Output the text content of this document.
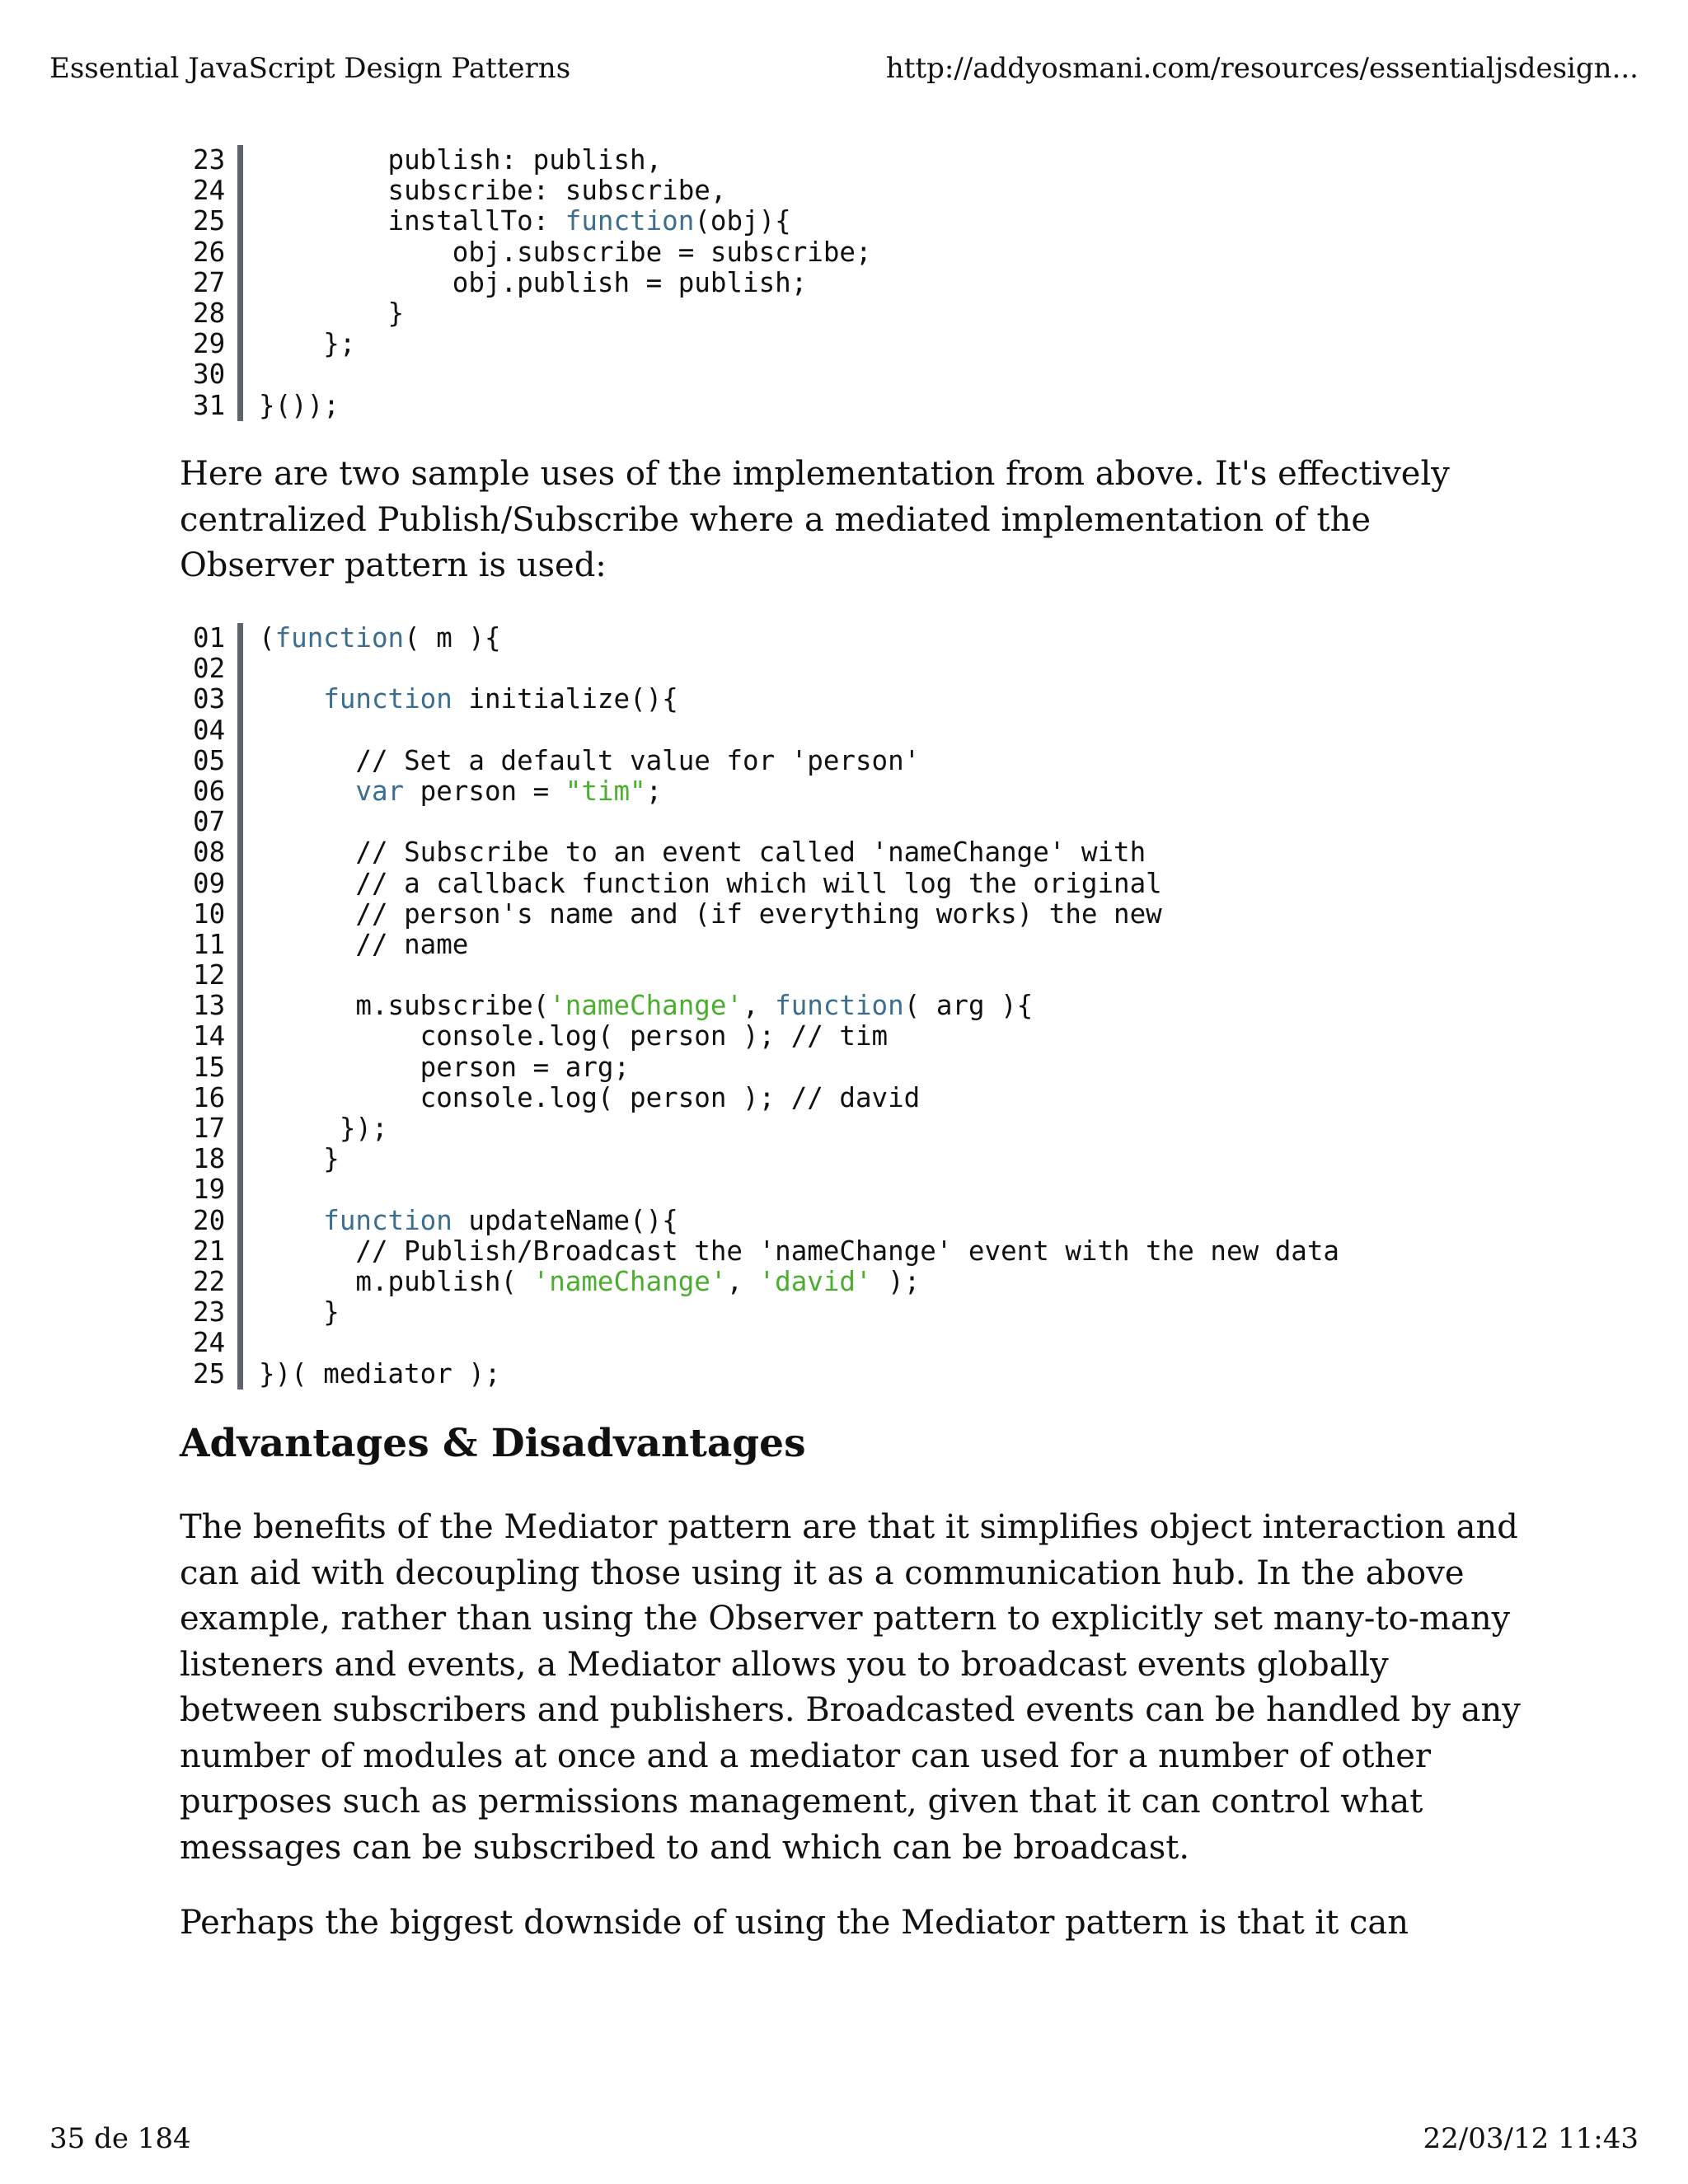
Essential JavaScript Design Patterns	http://addyosmani.com/resources/essentialjsdesign...
23	publish: publish,
24	subscribe: subscribe,
25	installTo: function(obj){
26	obj.subscribe = subscribe;
27	obj.publish = publish;
28	}
29	};
30
31	}());

Here are two sample uses of the implementation from above. It's effectively centralized Publish/Subscribe where a mediated implementation of the Observer pattern is used:

01	(function( m ){
02
03	function initialize(){
04
05	// Set a default value for 'person'
06	var person = "tim";
07
08	// Subscribe to an event called 'nameChange' with
09	// a callback function which will log the original
10	// person's name and (if everything works) the new
11	// name
12
13	m.subscribe('nameChange', function( arg ){
14	console.log( person ); // tim
15	person = arg;
16	console.log( person ); // david
17	});
18	}
19
20	function updateName(){
21	// Publish/Broadcast the 'nameChange' event with the new data
22	m.publish( 'nameChange', 'david' );
23	}
24
25	})( mediator );
Advantages & Disadvantages

The benefits of the Mediator pattern are that it simplifies object interaction and can aid with decoupling those using it as a communication hub. In the above example, rather than using the Observer pattern to explicitly set many-to-many listeners and events, a Mediator allows you to broadcast events globally between subscribers and publishers. Broadcasted events can be handled by any number of modules at once and a mediator can used for a number of other purposes such as permissions management, given that it can control what messages can be subscribed to and which can be broadcast.

Perhaps the biggest downside of using the Mediator pattern is that it can

35 de 184	22/03/12 11:43
